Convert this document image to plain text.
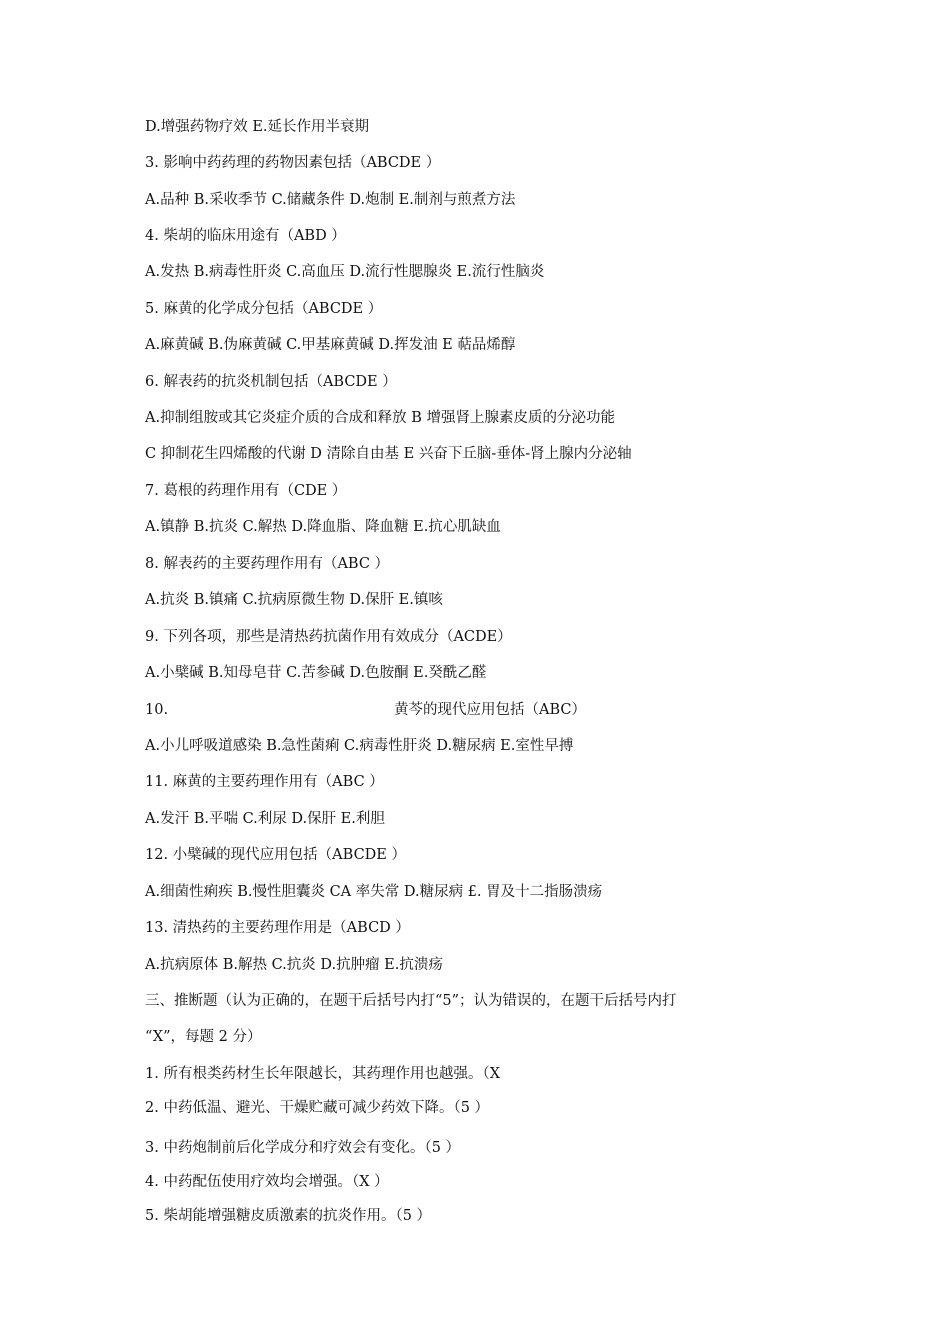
D.增强药物疗效 E.延长作用半衰期
3. 影响中药药理的药物因素包括（ABCDE ）
A.品种 B.采收季节 C.储藏条件 D.炮制 E.制剂与煎煮方法
4. 柴胡的临床用途有（ABD ）
A.发热 B.病毒性肝炎 C.高血压 D.流行性腮腺炎 E.流行性脑炎
5. 麻黄的化学成分包括（ABCDE ）
A.麻黄碱 B.伪麻黄碱 C.甲基麻黄碱 D.挥发油 E 萜品烯醇
6. 解表药的抗炎机制包括（ABCDE ）
A.抑制组胺或其它炎症介质的合成和释放 B 增强肾上腺素皮质的分泌功能
C 抑制花生四烯酸的代谢 D 清除自由基 E 兴奋下丘脑-垂体-肾上腺内分泌轴
7. 葛根的药理作用有（CDE ）
A.镇静 B.抗炎 C.解热 D.降血脂、降血糖 E.抗心肌缺血
8. 解表药的主要药理作用有（ABC ）
A.抗炎 B.镇痛 C.抗病原微生物 D.保肝 E.镇咳
9. 下列各项，那些是清热药抗菌作用有效成分（ACDE）
A.小檗碱 B.知母皂苷 C.苦参碱 D.色胺酮 E.癸酰乙醛
10.	黄芩的现代应用包括（ABC）
A.小儿呼吸道感染 B.急性菌痢 C.病毒性肝炎 D.糖尿病 E.室性早搏
11. 麻黄的主要药理作用有（ABC ）
A.发汗 B.平喘 C.利尿 D.保肝 E.利胆
12. 小檗碱的现代应用包括（ABCDE ）
A.细菌性痢疾 B.慢性胆囊炎 CA 率失常 D.糖尿病 £. 胃及十二指肠溃疡
13. 清热药的主要药理作用是（ABCD ）
A.抗病原体 B.解热 C.抗炎 D.抗肿瘤 E.抗溃疡
三、推断题（认为正确的，在题干后括号内打“5”；认为错误的，在题干后括号内打
“X”，每题 2 分）
1. 所有根类药材生长年限越长，其药理作用也越强。（X
2. 中药低温、避光、干燥贮藏可减少药效下降。（5 ）
3. 中药炮制前后化学成分和疗效会有变化。（5 ）
4. 中药配伍使用疗效均会增强。（X ）
5. 柴胡能增强糖皮质激素的抗炎作用。（5 ）
